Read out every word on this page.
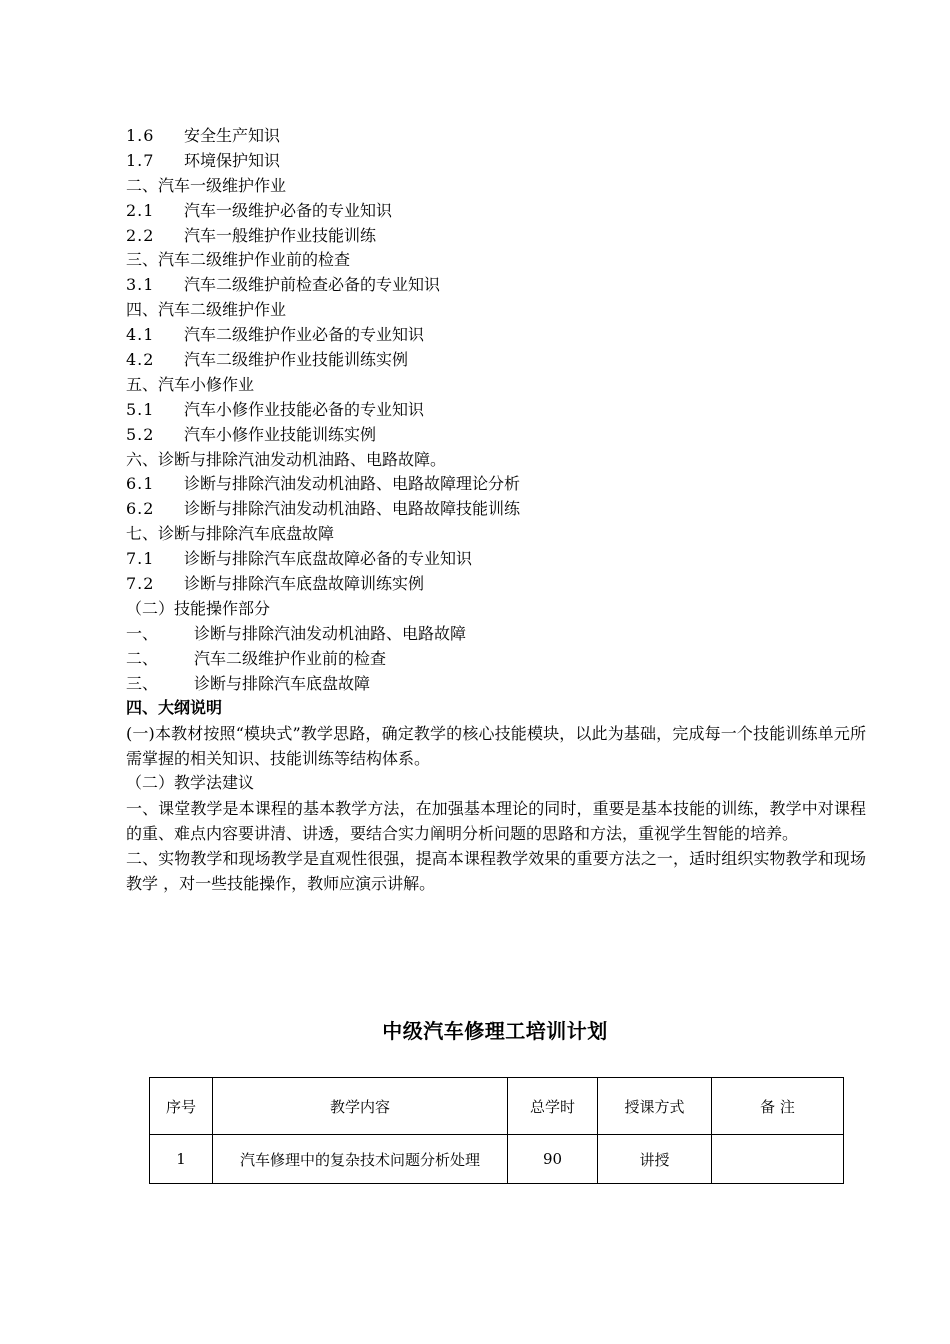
1.6 安全生产知识
1.7 环境保护知识
二、汽车一级维护作业
2.1 汽车一级维护必备的专业知识
2.2 汽车一般维护作业技能训练
三、汽车二级维护作业前的检查
3.1 汽车二级维护前检查必备的专业知识
四、汽车二级维护作业
4.1 汽车二级维护作业必备的专业知识
4.2 汽车二级维护作业技能训练实例
五、汽车小修作业
5.1 汽车小修作业技能必备的专业知识
5.2 汽车小修作业技能训练实例
六、诊断与排除汽油发动机油路、电路故障。
6.1 诊断与排除汽油发动机油路、电路故障理论分析
6.2 诊断与排除汽油发动机油路、电路故障技能训练
七、诊断与排除汽车底盘故障
7.1 诊断与排除汽车底盘故障必备的专业知识
7.2 诊断与排除汽车底盘故障训练实例
（二）技能操作部分
一、 诊断与排除汽油发动机油路、电路故障
二、 汽车二级维护作业前的检查
三、 诊断与排除汽车底盘故障
四、大纲说明
(一)本教材按照“模块式”教学思路，确定教学的核心技能模块，以此为基础，完成每一个技能训练单元所需掌握的相关知识、技能训练等结构体系。
（二）教学法建议
一、课堂教学是本课程的基本教学方法，在加强基本理论的同时，重要是基本技能的训练，教学中对课程的重、难点内容要讲清、讲透，要结合实力阐明分析问题的思路和方法，重视学生智能的培养。
二、实物教学和现场教学是直观性很强，提高本课程教学效果的重要方法之一，适时组织实物教学和现场教学 ，对一些技能操作，教师应演示讲解。
中级汽车修理工培训计划
序号	教学内容	总学时	授课方式	备 注
1	汽车修理中的复杂技术问题分析处理	90	讲授	
